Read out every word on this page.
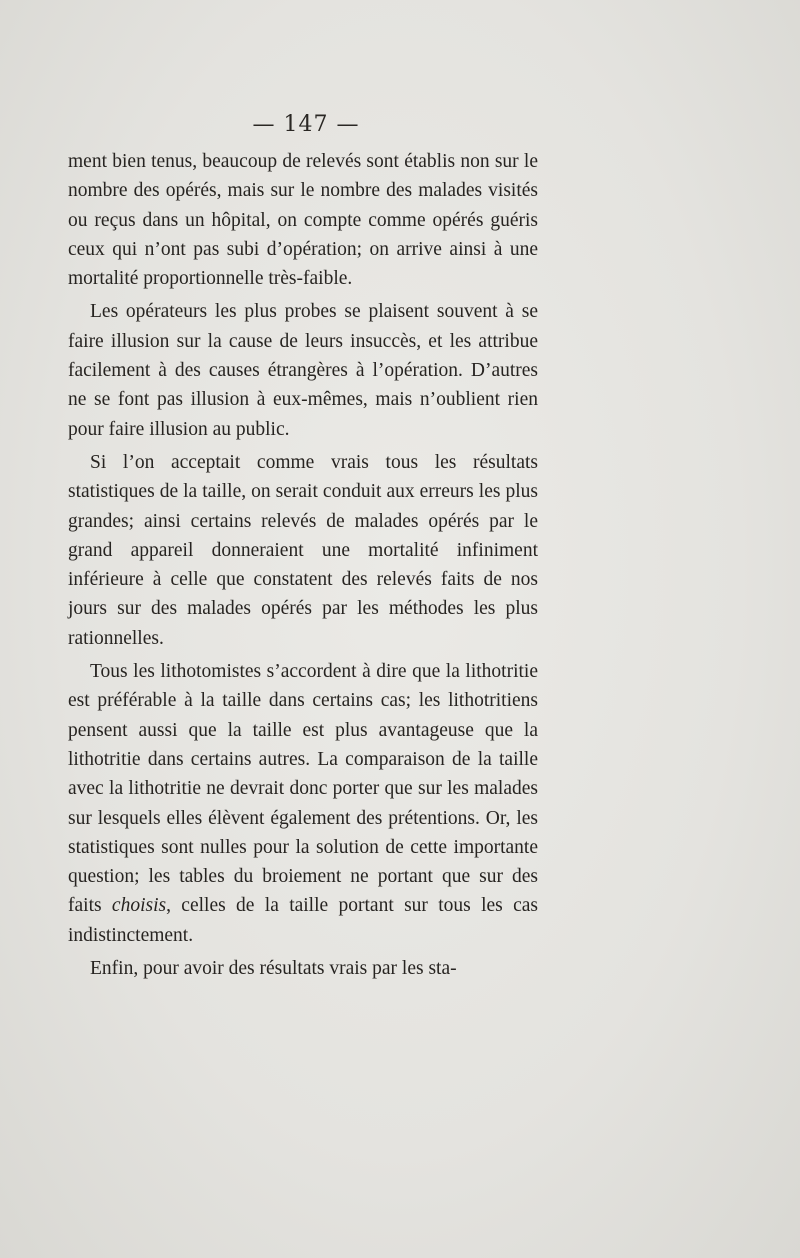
— 147 —

ment bien tenus, beaucoup de relevés sont établis non sur le nombre des opérés, mais sur le nombre des malades visités ou reçus dans un hôpital, on compte comme opérés guéris ceux qui n’ont pas subi d’opération; on arrive ainsi à une mortalité proportionnelle très-faible.

Les opérateurs les plus probes se plaisent souvent à se faire illusion sur la cause de leurs insuccès, et les attribue facilement à des causes étrangères à l’opération. D’autres ne se font pas illusion à eux-mêmes, mais n’oublient rien pour faire illusion au public.

Si l’on acceptait comme vrais tous les résultats statistiques de la taille, on serait conduit aux erreurs les plus grandes; ainsi certains relevés de malades opérés par le grand appareil donneraient une mortalité infiniment inférieure à celle que constatent des relevés faits de nos jours sur des malades opérés par les méthodes les plus rationnelles.

Tous les lithotomistes s’accordent à dire que la lithotritie est préférable à la taille dans certains cas; les lithotritiens pensent aussi que la taille est plus avantageuse que la lithotritie dans certains autres. La comparaison de la taille avec la lithotritie ne devrait donc porter que sur les malades sur lesquels elles élèvent également des prétentions. Or, les statistiques sont nulles pour la solution de cette importante question; les tables du broiement ne portant que sur des faits choisis, celles de la taille portant sur tous les cas indistinctement.

Enfin, pour avoir des résultats vrais par les sta-
